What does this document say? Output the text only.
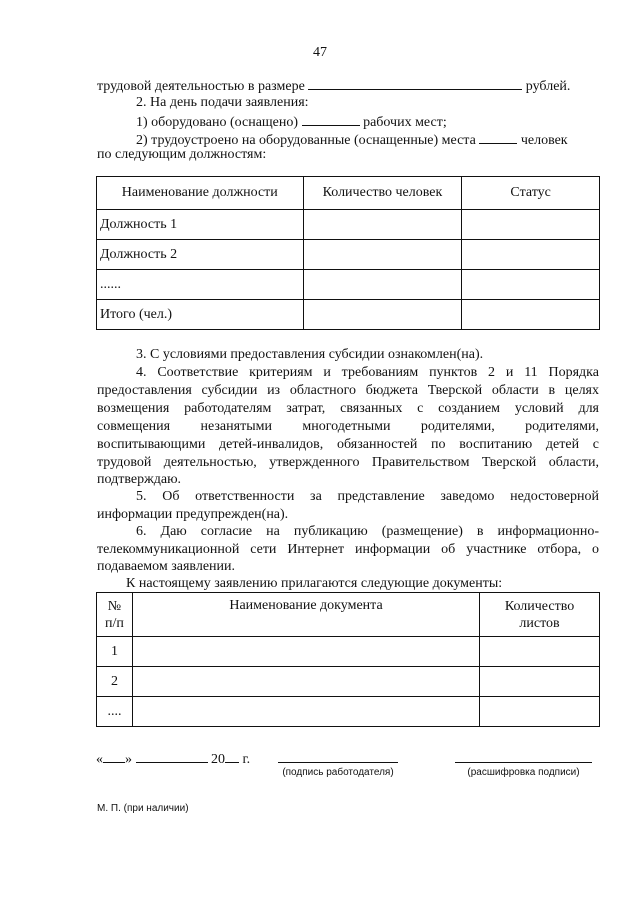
47
трудовой деятельностью в размере	рублей.
2. На день подачи заявления:
1) оборудовано (оснащено)	рабочих мест;
2) трудоустроено на оборудованные (оснащенные) места	человек
по следующим должностям:
Наименование должности	Количество человек	Статус
Должность 1		
Должность 2		
......		
Итого (чел.)		
3. С условиями предоставления субсидии ознакомлен(на).
4. Соответствие критериям и требованиям пунктов 2 и 11 Порядка
предоставления субсидии из областного бюджета Тверской области в целях
возмещения работодателям затрат, связанных с созданием условий для
совмещения незанятыми многодетными родителями, родителями,
воспитывающими детей-инвалидов, обязанностей по воспитанию детей с
трудовой деятельностью, утвержденного Правительством Тверской области,
подтверждаю.
5. Об ответственности за представление заведомо недостоверной
информации предупрежден(на).
6. Даю согласие на публикацию (размещение) в информационно-
телекоммуникационной сети Интернет информации об участнике отбора, о
подаваемом заявлении.
К настоящему заявлению прилагаются следующие документы:
№ п/п	Наименование документа	Количество листов
1		
2		
....		
« »	20 г.
(подпись работодателя)	(расшифровка подписи)
М. П. (при наличии)
